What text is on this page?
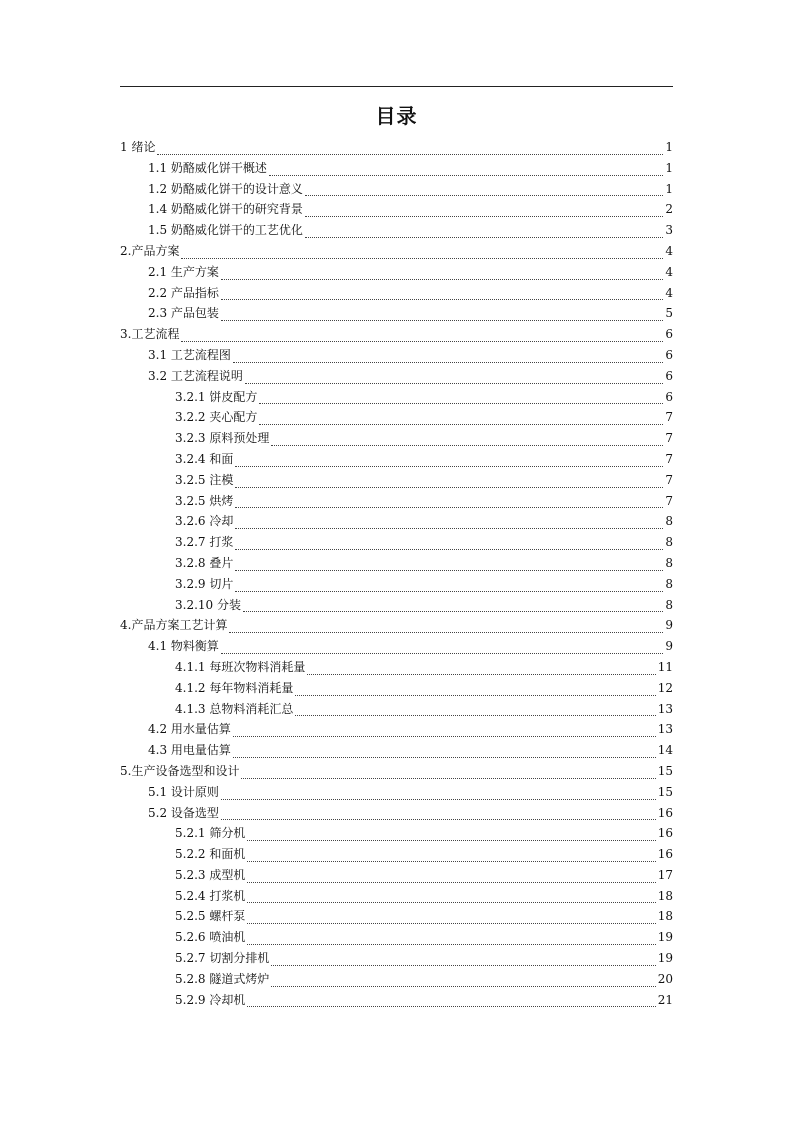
目录
1 绪论	1
1.1 奶酪威化饼干概述	1
1.2 奶酪威化饼干的设计意义	1
1.4 奶酪威化饼干的研究背景	2
1.5 奶酪威化饼干的工艺优化	3
2.产品方案	4
2.1 生产方案	4
2.2 产品指标	4
2.3 产品包装	5
3.工艺流程	6
3.1 工艺流程图	6
3.2 工艺流程说明	6
3.2.1 饼皮配方	6
3.2.2 夹心配方	7
3.2.3 原料预处理	7
3.2.4 和面	7
3.2.5 注模	7
3.2.5 烘烤	7
3.2.6 冷却	8
3.2.7 打浆	8
3.2.8 叠片	8
3.2.9 切片	8
3.2.10 分装	8
4.产品方案工艺计算	9
4.1 物料衡算	9
4.1.1 每班次物料消耗量	11
4.1.2 每年物料消耗量	12
4.1.3 总物料消耗汇总	13
4.2 用水量估算	13
4.3 用电量估算	14
5.生产设备选型和设计	15
5.1 设计原则	15
5.2 设备选型	16
5.2.1 筛分机	16
5.2.2 和面机	16
5.2.3 成型机	17
5.2.4 打浆机	18
5.2.5 螺杆泵	18
5.2.6 喷油机	19
5.2.7 切割分排机	19
5.2.8 隧道式烤炉	20
5.2.9 冷却机	21
